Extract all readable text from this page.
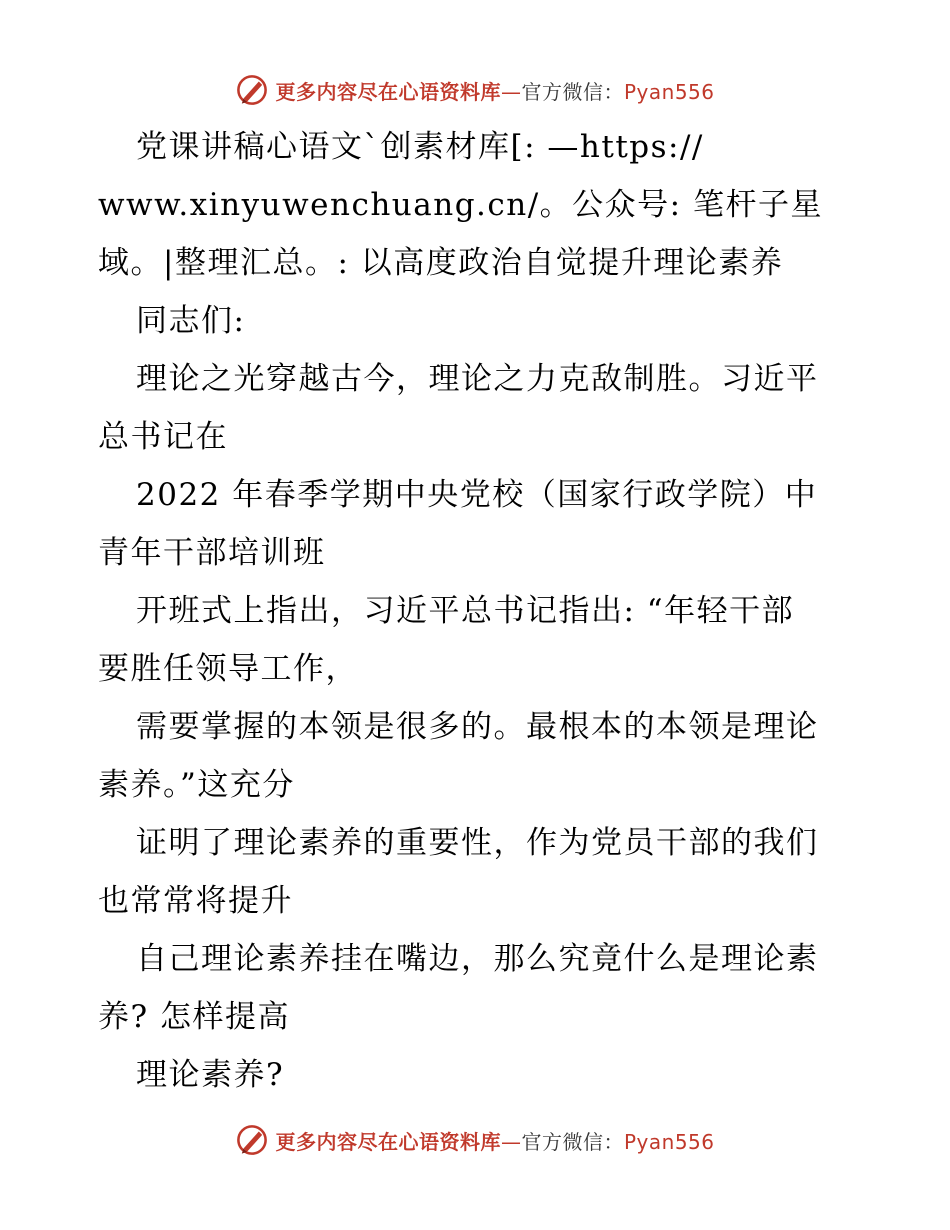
更多内容尽在心语资料库—官方微信：Pyan556
党课讲稿心语文`创素材库[: —https://
www.xinyuwenchuang.cn/。公众号: 笔杆子星
域。|整理汇总。: 以高度政治自觉提升理论素养
同志们:
理论之光穿越古今，理论之力克敌制胜。习近平
总书记在
2022 年春季学期中央党校（国家行政学院）中
青年干部培训班
开班式上指出，习近平总书记指出: “年轻干部
要胜任领导工作，
需要掌握的本领是很多的。最根本的本领是理论
素养。”这充分
证明了理论素养的重要性，作为党员干部的我们
也常常将提升
自己理论素养挂在嘴边，那么究竟什么是理论素
养? 怎样提高
理论素养?
更多内容尽在心语资料库—官方微信：Pyan556
